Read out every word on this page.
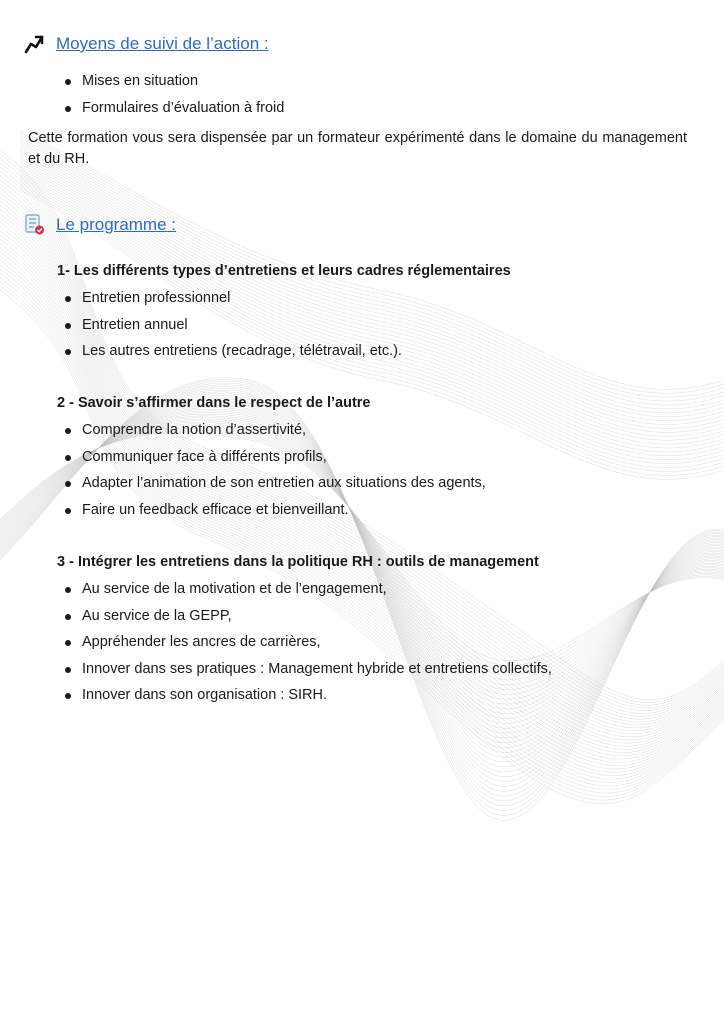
Moyens de suivi de l’action :
Mises en situation
Formulaires d’évaluation à froid
Cette formation vous sera dispensée par un formateur expérimenté dans le domaine du management et du RH.
Le programme :
1- Les différents types d’entretiens et leurs cadres réglementaires
Entretien professionnel
Entretien annuel
Les autres entretiens (recadrage, télétravail, etc.).
2 - Savoir s’affirmer dans le respect de l’autre
Comprendre la notion d’assertivité,
Communiquer face à différents profils,
Adapter l’animation de son entretien aux situations des agents,
Faire un feedback efficace et bienveillant.
3 - Intégrer les entretiens dans la politique RH : outils de management
Au service de la motivation et de l’engagement,
Au service de la GEPP,
Appréhender les ancres de carrières,
Innover dans ses pratiques : Management hybride et entretiens collectifs,
Innover dans son organisation : SIRH.
